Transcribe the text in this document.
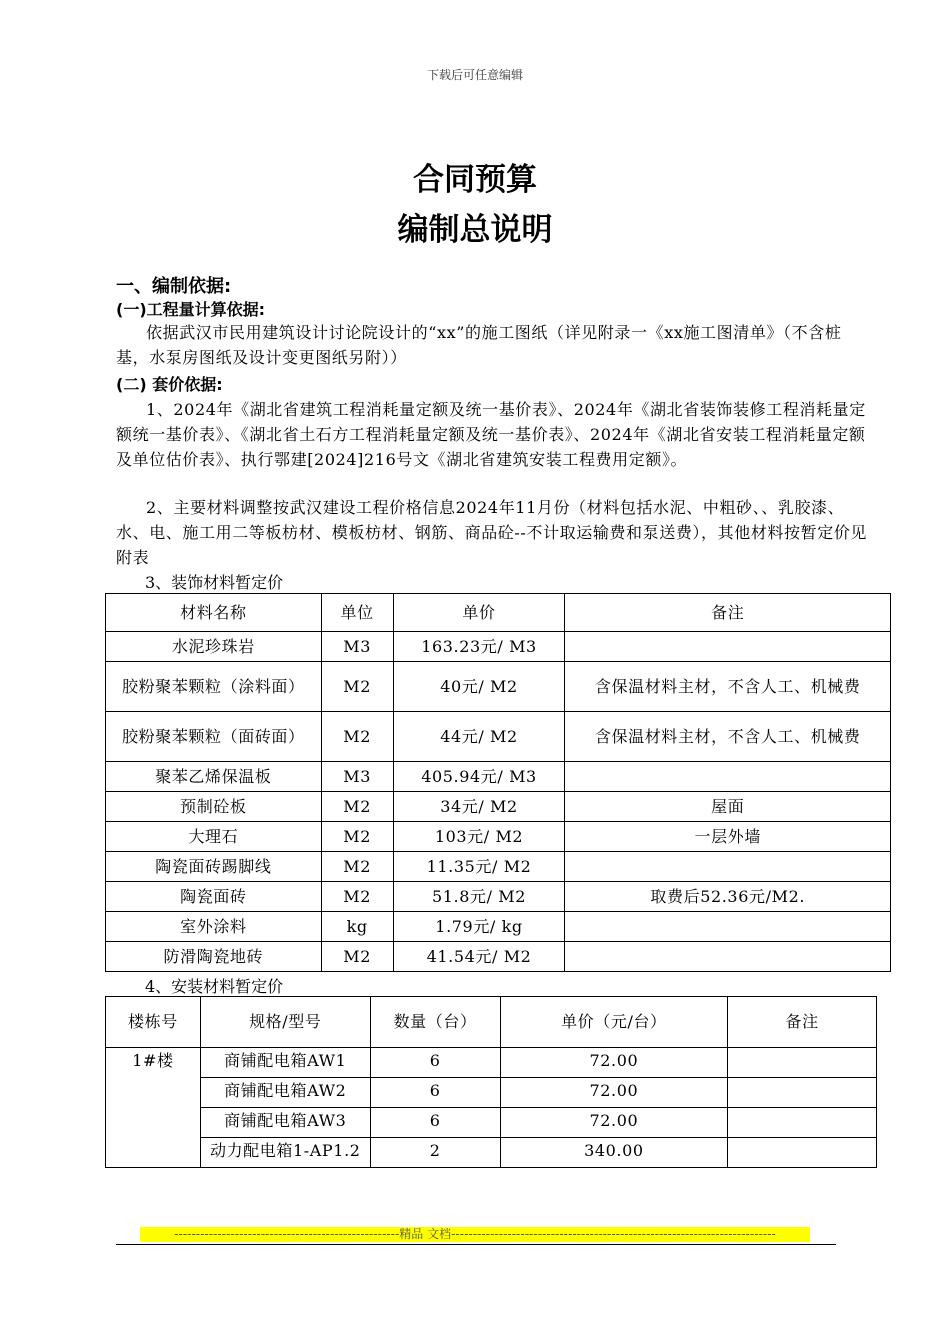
下载后可任意编辑
合同预算
编制总说明
一、编制依据:
(一)工程量计算依据:
依据武汉市民用建筑设计讨论院设计的“xx”的施工图纸（详见附录一《xx施工图清单》（不含桩基，水泵房图纸及设计变更图纸另附））
(二) 套价依据:
1、2024年《湖北省建筑工程消耗量定额及统一基价表》、2024年《湖北省装饰装修工程消耗量定额统一基价表》、《湖北省土石方工程消耗量定额及统一基价表》、2024年《湖北省安装工程消耗量定额及单位估价表》、执行鄂建[2024]216号文《湖北省建筑安装工程费用定额》。
2、主要材料调整按武汉建设工程价格信息2024年11月份（材料包括水泥、中粗砂、、乳胶漆、水、电、施工用二等板枋材、模板枋材、钢筋、商品砼--不计取运输费和泵送费），其他材料按暂定价见附表
3、装饰材料暂定价
材料名称	单位	单价	备注
水泥珍珠岩	M3	163.23元/ M3	
胶粉聚苯颗粒（涂料面）	M2	40元/ M2	含保温材料主材，不含人工、机械费
胶粉聚苯颗粒（面砖面）	M2	44元/ M2	含保温材料主材，不含人工、机械费
聚苯乙烯保温板	M3	405.94元/ M3	
预制砼板	M2	34元/ M2	屋面
大理石	M2	103元/ M2	一层外墙
陶瓷面砖踢脚线	M2	11.35元/ M2	
陶瓷面砖	M2	51.8元/ M2	取费后52.36元/M2.
室外涂料	kg	1.79元/ kg	
防滑陶瓷地砖	M2	41.54元/ M2	
4、安装材料暂定价
楼栋号	规格/型号	数量（台）	单价（元/台）	备注
1#楼	商铺配电箱AW1	6	72.00	
	商铺配电箱AW2	6	72.00	
	商铺配电箱AW3	6	72.00	
	动力配电箱1-AP1.2	2	340.00	
----------------------------------------------------精品 文档---------------------------------------------------------------------------
